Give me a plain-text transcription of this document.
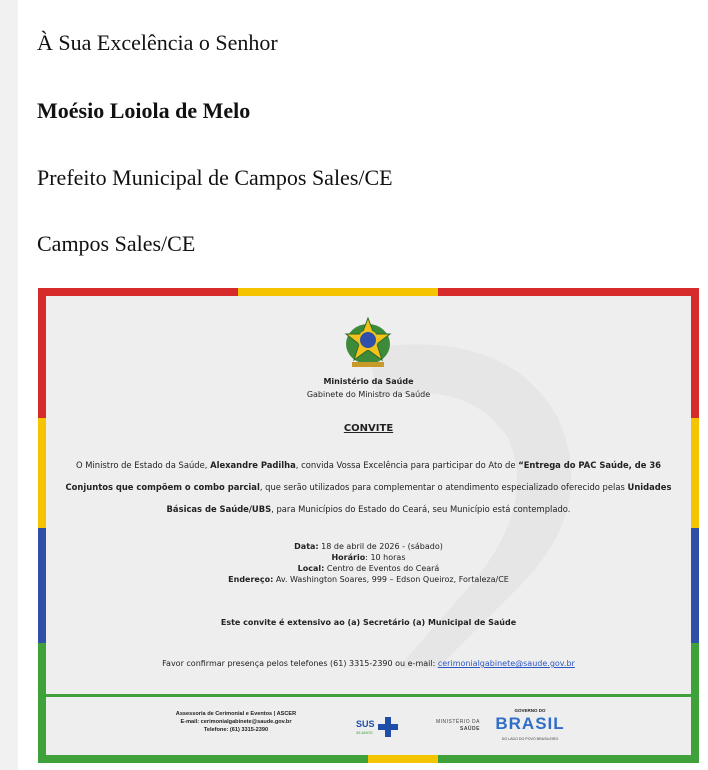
À Sua Excelência o Senhor
Moésio Loiola de Melo
Prefeito Municipal de Campos Sales/CE
Campos Sales/CE
Ministério da Saúde
Gabinete do Ministro da Saúde
CONVITE
O Ministro de Estado da Saúde, Alexandre Padilha, convida Vossa Excelência para participar do Ato de “Entrega do PAC Saúde, de 36 Conjuntos que compõem o combo parcial, que serão utilizados para complementar o atendimento especializado oferecido pelas Unidades Básicas de Saúde/UBS, para Municípios do Estado do Ceará, seu Município está contemplado.
Data: 18 de abril de 2026 - (sábado)
Horário: 10 horas
Local: Centro de Eventos do Ceará
Endereço: Av. Washington Soares, 999 – Edson Queiroz, Fortaleza/CE
Este convite é extensivo ao (a) Secretário (a) Municipal de Saúde
Favor confirmar presença pelos telefones (61) 3315-2390 ou e-mail: cerimonialgabinete@saude.gov.br
Assessoria de Cerimonial e Eventos | ASCER
E-mail: cerimonialgabinete@saude.gov.br
Telefone: (61) 3315-2390
SUS
35 ANOS
MINISTÉRIO DA
SAÚDE
GOVERNO DO
BRASIL
DO LADO DO POVO BRASILEIRO
